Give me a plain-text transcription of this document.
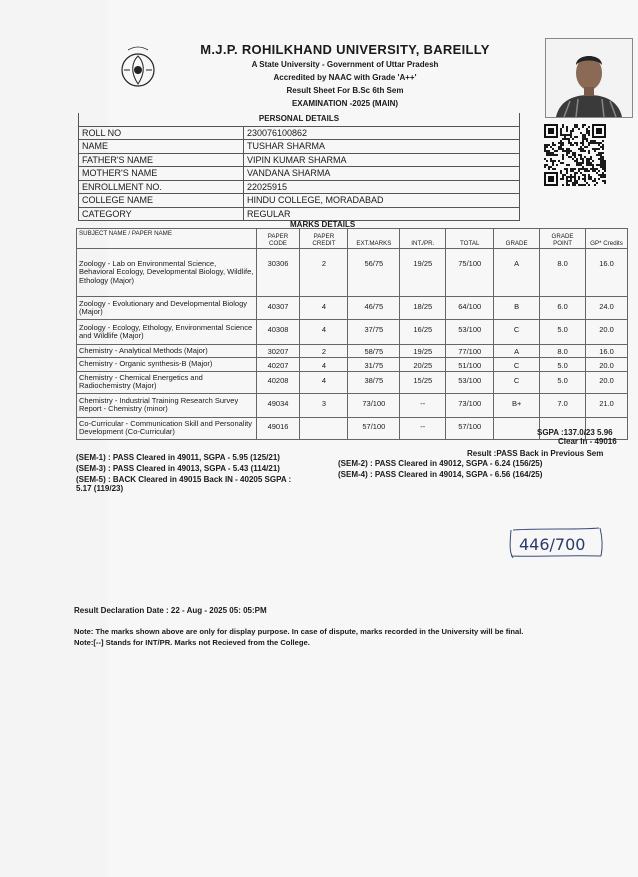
M.J.P. ROHILKHAND UNIVERSITY, BAREILLY
A State University - Government of Uttar Pradesh
Accredited by NAAC with Grade 'A++'
Result Sheet For B.Sc 6th Sem
EXAMINATION -2025 (MAIN)
PERSONAL DETAILS	
ROLL NO	230076100862
NAME	TUSHAR SHARMA
FATHER'S NAME	VIPIN KUMAR SHARMA
MOTHER'S NAME	VANDANA SHARMA
ENROLLMENT NO.	22025915
COLLEGE NAME	HINDU COLLEGE, MORADABAD
CATEGORY	REGULAR
MARKS DETAILS
SUBJECT NAME / PAPER NAME	PAPER CODE	PAPER CREDIT	EXT.MARKS	INT./PR.	TOTAL	GRADE	GRADE POINT	GP* Credits
Zoology - Lab on Environmental Science, Behavioral Ecology, Developmental Biology, Wildlife, Ethology (Major)	30306	2	56/75	19/25	75/100	A	8.0	16.0
Zoology - Evolutionary and Developmental Biology (Major)	40307	4	46/75	18/25	64/100	B	6.0	24.0
Zoology - Ecology, Ethology, Environmental Science and Wildlife (Major)	40308	4	37/75	16/25	53/100	C	5.0	20.0
Chemistry - Analytical Methods (Major)	30207	2	58/75	19/25	77/100	A	8.0	16.0
Chemistry - Organic synthesis-B (Major)	40207	4	31/75	20/25	51/100	C	5.0	20.0
Chemistry - Chemical Energetics and Radiochemistry (Major)	40208	4	38/75	15/25	53/100	C	5.0	20.0
Chemistry - Industrial Training Research Survey Report - Chemistry (minor)	49034	3	73/100	--	73/100	B+	7.0	21.0
Co-Curricular - Communication Skill and Personality Development (Co-Curricular)	49016		57/100	--	57/100			
SGPA :137.0/23 5.96
Clear In - 49016
Result :PASS Back in Previous Sem
(SEM-1) : PASS Cleared in 49011, SGPA - 5.95 (125/21)
(SEM-2) : PASS Cleared in 49012, SGPA - 6.24 (156/25)
(SEM-3) : PASS Cleared in 49013, SGPA - 5.43 (114/21)
(SEM-4) : PASS Cleared in 49014, SGPA - 6.56 (164/25)
(SEM-5) : BACK Cleared in 49015 Back IN - 40205 SGPA :
5.17 (119/23)
446/700
Result Declaration Date : 22 - Aug - 2025 05: 05:PM
Note: The marks shown above are only for display purpose. In case of dispute, marks recorded in the University will be final.
Note:[--] Stands for INT/PR. Marks not Recieved from the College.
